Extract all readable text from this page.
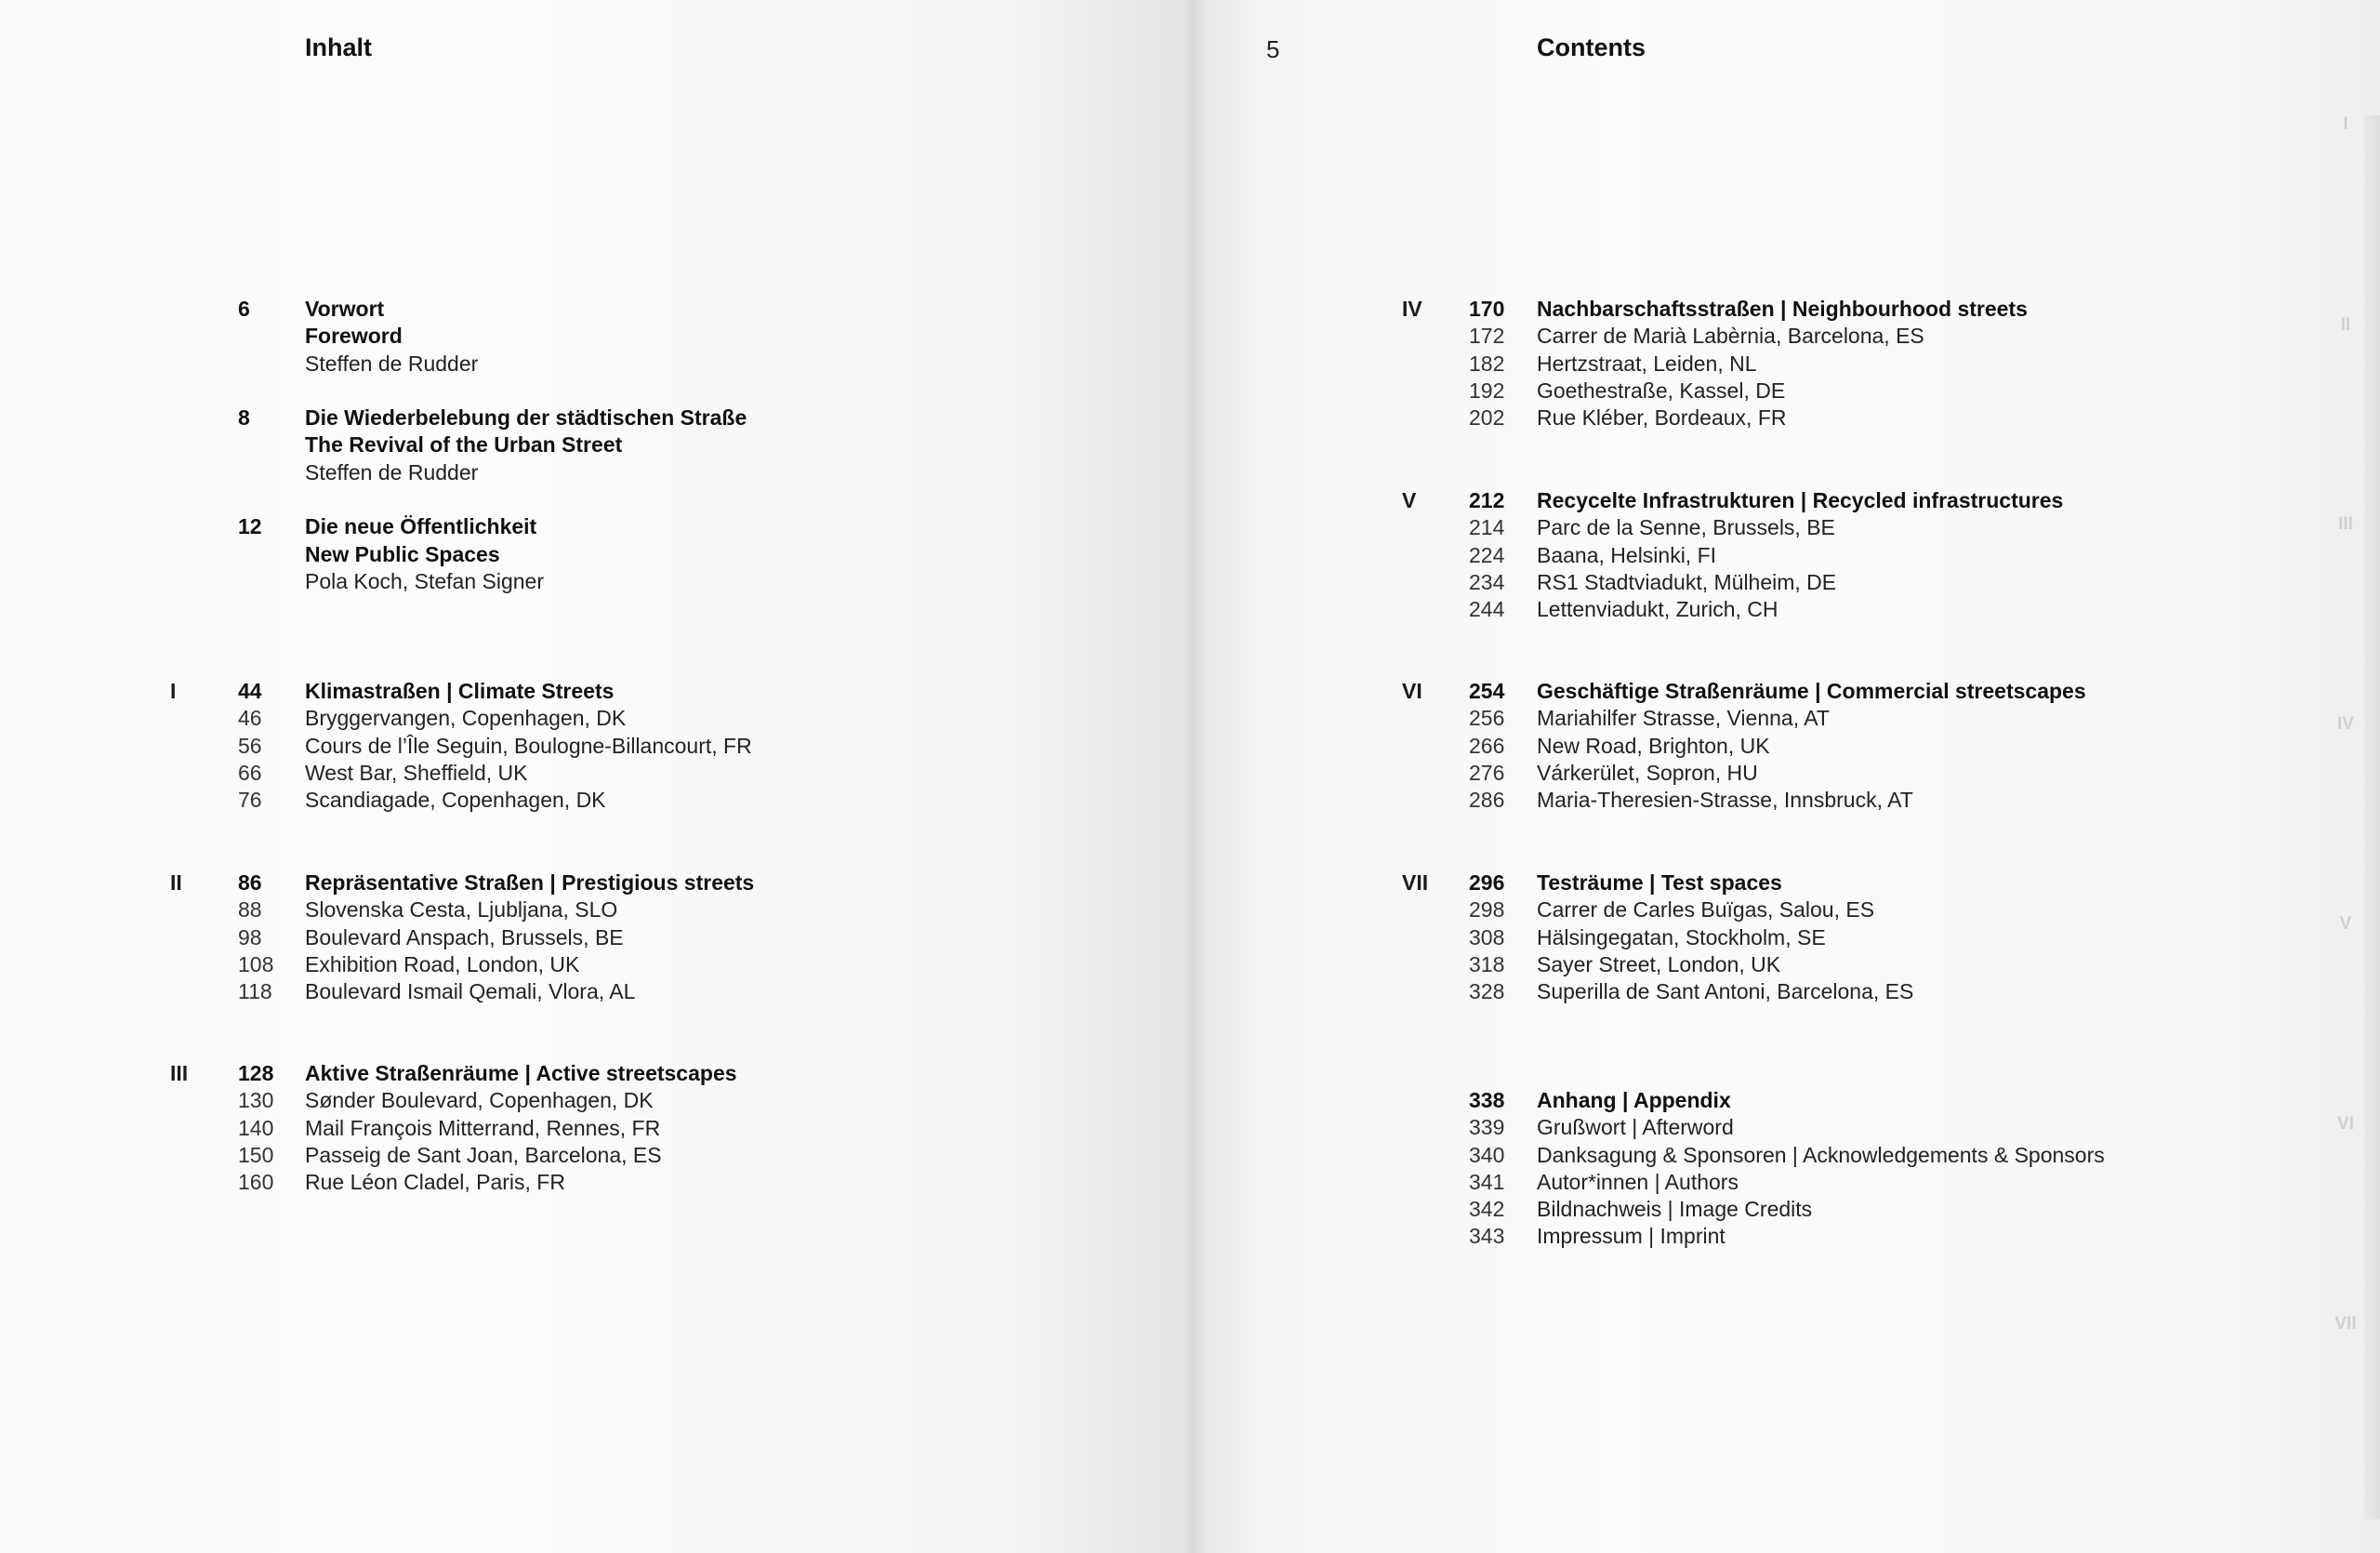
Inhalt
6	Vorwort
Foreword
Steffen de Rudder
8	Die Wiederbelebung der städtischen Straße
The Revival of the Urban Street
Steffen de Rudder
12 Die neue Öffentlichkeit
New Public Spaces
Pola Koch, Stefan Signer
I	44 Klimastraßen | Climate Streets
46 Bryggervangen, Copenhagen, DK
56 Cours de l’Île Seguin, Boulogne-Billancourt, FR
66 West Bar, Sheffield, UK
76 Scandiagade, Copenhagen, DK
II	86 Repräsentative Straßen | Prestigious streets
88 Slovenska Cesta, Ljubljana, SLO
98 Boulevard Anspach, Brussels, BE
108 Exhibition Road, London, UK
118 Boulevard Ismail Qemali, Vlora, AL
III 128 Aktive Straßenräume | Active streetscapes
130 Sønder Boulevard, Copenhagen, DK
140 Mail François Mitterrand, Rennes, FR
150 Passeig de Sant Joan, Barcelona, ES
160 Rue Léon Cladel, Paris, FR
5	Contents
IV 170 Nachbarschaftsstraßen | Neighbourhood streets
172 Carrer de Marià Labèrnia, Barcelona, ES
182 Hertzstraat, Leiden, NL
192 Goethestraße, Kassel, DE
202 Rue Kléber, Bordeaux, FR
V 212 Recycelte Infrastrukturen | Recycled infrastructures
214 Parc de la Senne, Brussels, BE
224 Baana, Helsinki, FI
234 RS1 Stadtviadukt, Mülheim, DE
244 Lettenviadukt, Zurich, CH
VI 254 Geschäftige Straßenräume | Commercial streetscapes
256 Mariahilfer Strasse, Vienna, AT
266 New Road, Brighton, UK
276 Várkerület, Sopron, HU
286 Maria-Theresien-Strasse, Innsbruck, AT
VII 296 Testräume | Test spaces
298 Carrer de Carles Buïgas, Salou, ES
308 Hälsingegatan, Stockholm, SE
318 Sayer Street, London, UK
328 Superilla de Sant Antoni, Barcelona, ES
338 Anhang | Appendix
339 Grußwort | Afterword
340 Danksagung & Sponsoren | Acknowledgements & Sponsors
341 Autor*innen | Authors
342 Bildnachweis | Image Credits
343 Impressum | Imprint
I
II
III
IV
V
VI
VII
